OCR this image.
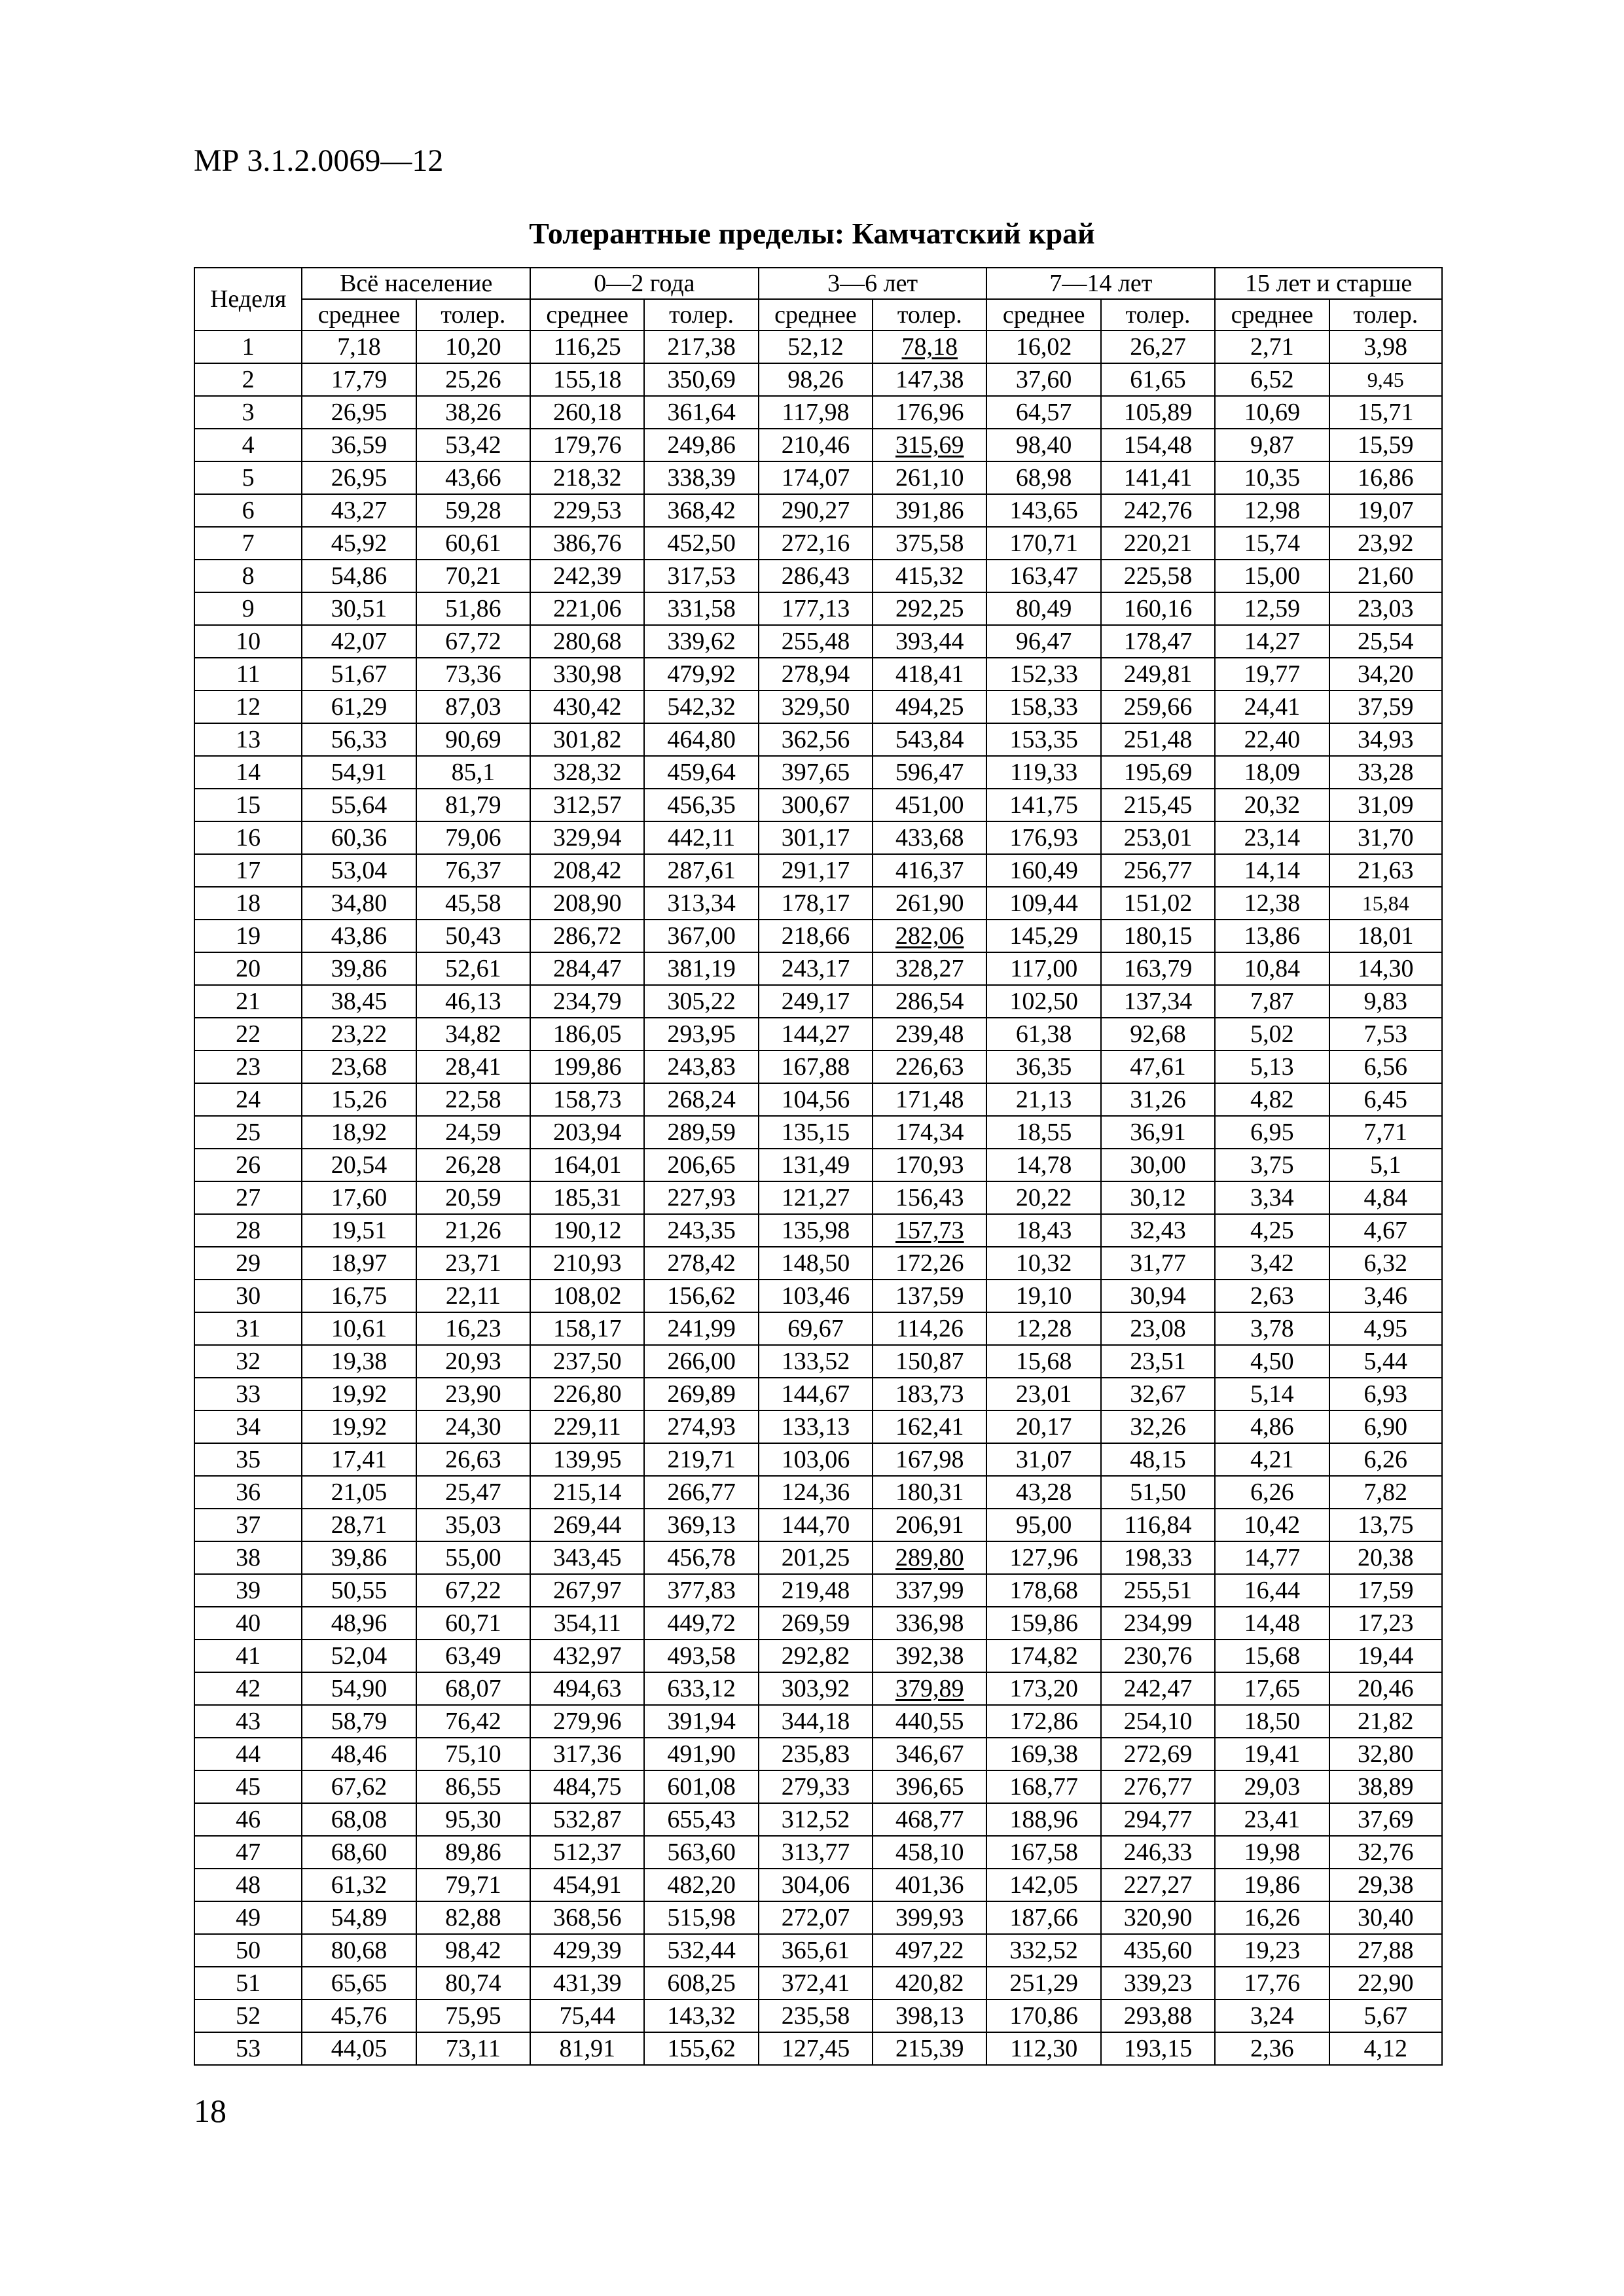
МР 3.1.2.0069—12
Толерантные пределы: Камчатский край
Неделя	Всё население		0—2 года		3—6 лет		7—14 лет		15 лет и старше	
	среднее	толер.	среднее	толер.	среднее	толер.	среднее	толер.	среднее	толер.
1	7,18	10,20	116,25	217,38	52,12	78,18	16,02	26,27	2,71	3,98
2	17,79	25,26	155,18	350,69	98,26	147,38	37,60	61,65	6,52	9,45
3	26,95	38,26	260,18	361,64	117,98	176,96	64,57	105,89	10,69	15,71
4	36,59	53,42	179,76	249,86	210,46	315,69	98,40	154,48	9,87	15,59
5	26,95	43,66	218,32	338,39	174,07	261,10	68,98	141,41	10,35	16,86
6	43,27	59,28	229,53	368,42	290,27	391,86	143,65	242,76	12,98	19,07
7	45,92	60,61	386,76	452,50	272,16	375,58	170,71	220,21	15,74	23,92
8	54,86	70,21	242,39	317,53	286,43	415,32	163,47	225,58	15,00	21,60
9	30,51	51,86	221,06	331,58	177,13	292,25	80,49	160,16	12,59	23,03
10	42,07	67,72	280,68	339,62	255,48	393,44	96,47	178,47	14,27	25,54
11	51,67	73,36	330,98	479,92	278,94	418,41	152,33	249,81	19,77	34,20
12	61,29	87,03	430,42	542,32	329,50	494,25	158,33	259,66	24,41	37,59
13	56,33	90,69	301,82	464,80	362,56	543,84	153,35	251,48	22,40	34,93
14	54,91	85,1	328,32	459,64	397,65	596,47	119,33	195,69	18,09	33,28
15	55,64	81,79	312,57	456,35	300,67	451,00	141,75	215,45	20,32	31,09
16	60,36	79,06	329,94	442,11	301,17	433,68	176,93	253,01	23,14	31,70
17	53,04	76,37	208,42	287,61	291,17	416,37	160,49	256,77	14,14	21,63
18	34,80	45,58	208,90	313,34	178,17	261,90	109,44	151,02	12,38	15,84
19	43,86	50,43	286,72	367,00	218,66	282,06	145,29	180,15	13,86	18,01
20	39,86	52,61	284,47	381,19	243,17	328,27	117,00	163,79	10,84	14,30
21	38,45	46,13	234,79	305,22	249,17	286,54	102,50	137,34	7,87	9,83
22	23,22	34,82	186,05	293,95	144,27	239,48	61,38	92,68	5,02	7,53
23	23,68	28,41	199,86	243,83	167,88	226,63	36,35	47,61	5,13	6,56
24	15,26	22,58	158,73	268,24	104,56	171,48	21,13	31,26	4,82	6,45
25	18,92	24,59	203,94	289,59	135,15	174,34	18,55	36,91	6,95	7,71
26	20,54	26,28	164,01	206,65	131,49	170,93	14,78	30,00	3,75	5,1
27	17,60	20,59	185,31	227,93	121,27	156,43	20,22	30,12	3,34	4,84
28	19,51	21,26	190,12	243,35	135,98	157,73	18,43	32,43	4,25	4,67
29	18,97	23,71	210,93	278,42	148,50	172,26	10,32	31,77	3,42	6,32
30	16,75	22,11	108,02	156,62	103,46	137,59	19,10	30,94	2,63	3,46
31	10,61	16,23	158,17	241,99	69,67	114,26	12,28	23,08	3,78	4,95
32	19,38	20,93	237,50	266,00	133,52	150,87	15,68	23,51	4,50	5,44
33	19,92	23,90	226,80	269,89	144,67	183,73	23,01	32,67	5,14	6,93
34	19,92	24,30	229,11	274,93	133,13	162,41	20,17	32,26	4,86	6,90
35	17,41	26,63	139,95	219,71	103,06	167,98	31,07	48,15	4,21	6,26
36	21,05	25,47	215,14	266,77	124,36	180,31	43,28	51,50	6,26	7,82
37	28,71	35,03	269,44	369,13	144,70	206,91	95,00	116,84	10,42	13,75
38	39,86	55,00	343,45	456,78	201,25	289,80	127,96	198,33	14,77	20,38
39	50,55	67,22	267,97	377,83	219,48	337,99	178,68	255,51	16,44	17,59
40	48,96	60,71	354,11	449,72	269,59	336,98	159,86	234,99	14,48	17,23
41	52,04	63,49	432,97	493,58	292,82	392,38	174,82	230,76	15,68	19,44
42	54,90	68,07	494,63	633,12	303,92	379,89	173,20	242,47	17,65	20,46
43	58,79	76,42	279,96	391,94	344,18	440,55	172,86	254,10	18,50	21,82
44	48,46	75,10	317,36	491,90	235,83	346,67	169,38	272,69	19,41	32,80
45	67,62	86,55	484,75	601,08	279,33	396,65	168,77	276,77	29,03	38,89
46	68,08	95,30	532,87	655,43	312,52	468,77	188,96	294,77	23,41	37,69
47	68,60	89,86	512,37	563,60	313,77	458,10	167,58	246,33	19,98	32,76
48	61,32	79,71	454,91	482,20	304,06	401,36	142,05	227,27	19,86	29,38
49	54,89	82,88	368,56	515,98	272,07	399,93	187,66	320,90	16,26	30,40
50	80,68	98,42	429,39	532,44	365,61	497,22	332,52	435,60	19,23	27,88
51	65,65	80,74	431,39	608,25	372,41	420,82	251,29	339,23	17,76	22,90
52	45,76	75,95	75,44	143,32	235,58	398,13	170,86	293,88	3,24	5,67
53	44,05	73,11	81,91	155,62	127,45	215,39	112,30	193,15	2,36	4,12
18
